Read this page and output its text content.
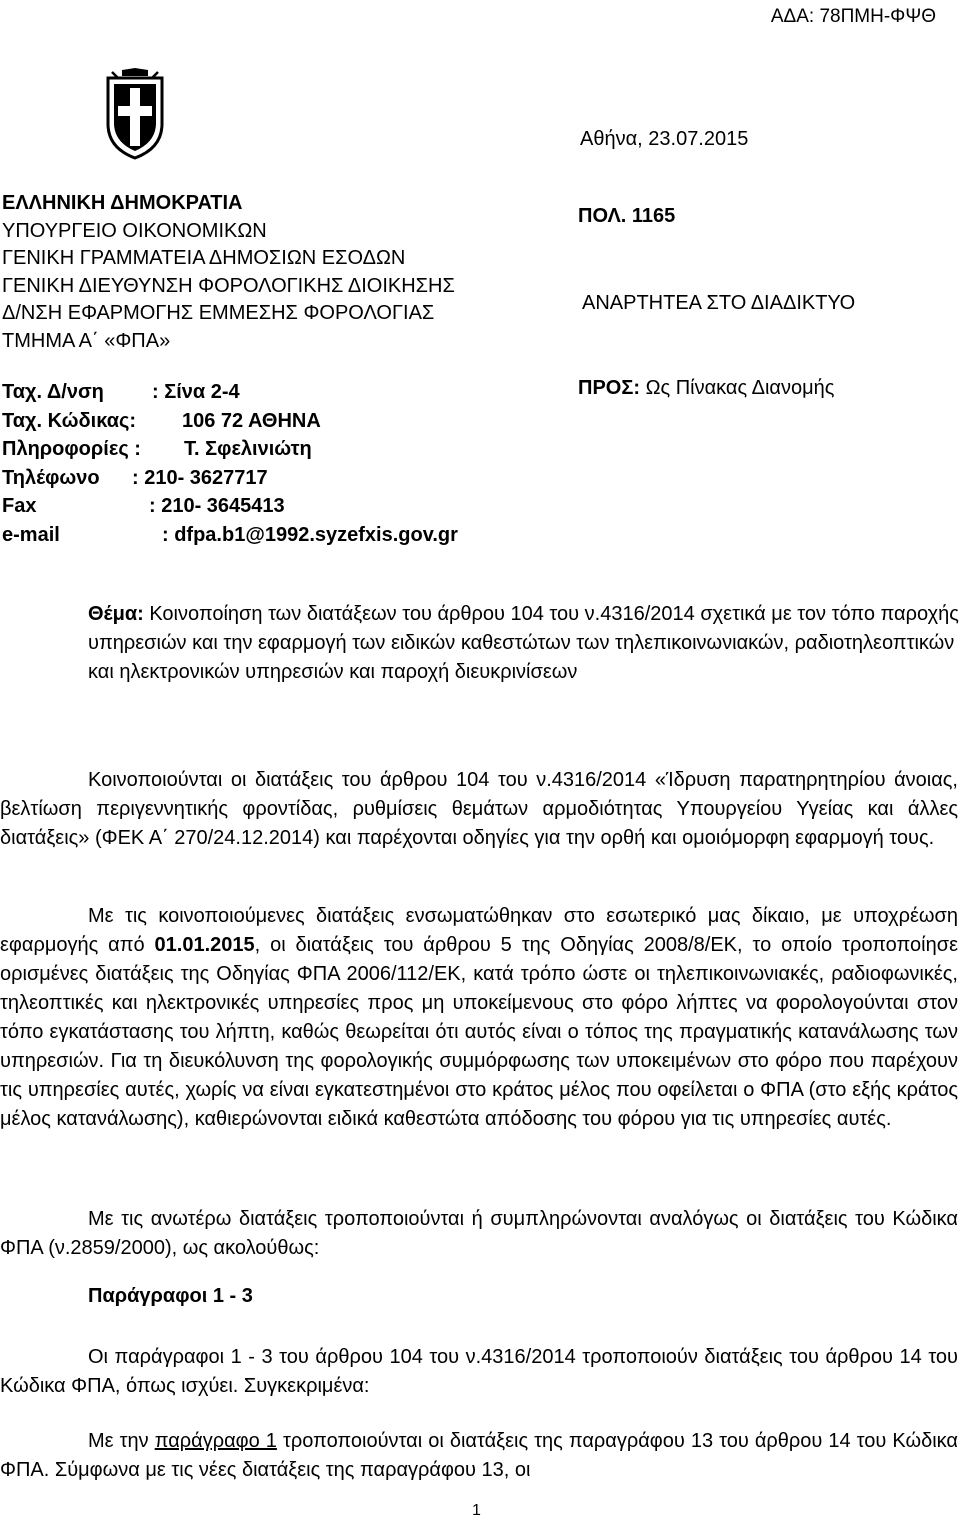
ΑΔΑ: 78ΠΜΗ-ΦΨΘ
ΕΛΛΗΝΙΚΗ ΔΗΜΟΚΡΑΤΙΑ
ΥΠΟΥΡΓΕΙΟ ΟΙΚΟΝΟΜΙΚΩΝ
ΓΕΝΙΚΗ ΓΡΑΜΜΑΤΕΙΑ ΔΗΜΟΣΙΩΝ ΕΣΟΔΩΝ
ΓΕΝΙΚΗ ΔΙΕΥΘΥΝΣΗ ΦΟΡΟΛΟΓΙΚΗΣ ΔΙΟΙΚΗΣΗΣ
Δ/ΝΣΗ ΕΦΑΡΜΟΓΗΣ ΕΜΜΕΣΗΣ ΦΟΡΟΛΟΓΙΑΣ
ΤΜΗΜΑ Α΄ «ΦΠΑ»
Ταχ. Δ/νση	: Σίνα 2-4
Ταχ. Κώδικας:	106 72 ΑΘΗΝΑ
Πληροφορίες :	Τ. Σφελινιώτη
Τηλέφωνο	: 210- 3627717
Fax	: 210- 3645413
e-mail	: dfpa.b1@1992.syzefxis.gov.gr
Αθήνα, 23.07.2015
ΠΟΛ. 1165
ΑΝΑΡΤΗΤΕΑ ΣΤΟ ΔΙΑΔΙΚΤΥΟ
ΠΡΟΣ: Ως Πίνακας Διανομής

Θέμα: Κοινοποίηση των διατάξεων του άρθρου 104 του ν.4316/2014 σχετικά με τον τόπο παροχής υπηρεσιών και την εφαρμογή των ειδικών καθεστώτων των τηλεπικοινωνιακών, ραδιοτηλεοπτικών και ηλεκτρονικών υπηρεσιών και παροχή διευκρινίσεων

Κοινοποιούνται οι διατάξεις του άρθρου 104 του ν.4316/2014 «Ίδρυση παρατηρητηρίου άνοιας, βελτίωση περιγεννητικής φροντίδας, ρυθμίσεις θεμάτων αρμοδιότητας Υπουργείου Υγείας και άλλες διατάξεις» (ΦΕΚ Α΄ 270/24.12.2014) και παρέχονται οδηγίες για την ορθή και ομοιόμορφη εφαρμογή τους.

Με τις κοινοποιούμενες διατάξεις ενσωματώθηκαν στο εσωτερικό μας δίκαιο, με υποχρέωση εφαρμογής από 01.01.2015, οι διατάξεις του άρθρου 5 της Οδηγίας 2008/8/ΕΚ, το οποίο τροποποίησε ορισμένες διατάξεις της Οδηγίας ΦΠΑ 2006/112/ΕΚ, κατά τρόπο ώστε οι τηλεπικοινωνιακές, ραδιοφωνικές, τηλεοπτικές και ηλεκτρονικές υπηρεσίες προς μη υποκείμενους στο φόρο λήπτες να φορολογούνται στον τόπο εγκατάστασης του λήπτη, καθώς θεωρείται ότι αυτός είναι ο τόπος της πραγματικής κατανάλωσης των υπηρεσιών. Για τη διευκόλυνση της φορολογικής συμμόρφωσης των υποκειμένων στο φόρο που παρέχουν τις υπηρεσίες αυτές, χωρίς να είναι εγκατεστημένοι στο κράτος μέλος που οφείλεται ο ΦΠΑ (στο εξής κράτος μέλος κατανάλωσης), καθιερώνονται ειδικά καθεστώτα απόδοσης του φόρου για τις υπηρεσίες αυτές.

Με τις ανωτέρω διατάξεις τροποποιούνται ή συμπληρώνονται αναλόγως οι διατάξεις του Κώδικα ΦΠΑ (ν.2859/2000), ως ακολούθως:

Παράγραφοι 1 - 3

Οι παράγραφοι 1 - 3 του άρθρου 104 του ν.4316/2014 τροποποιούν διατάξεις του άρθρου 14 του Κώδικα ΦΠΑ, όπως ισχύει. Συγκεκριμένα:

Με την παράγραφο 1 τροποποιούνται οι διατάξεις της παραγράφου 13 του άρθρου 14 του Κώδικα ΦΠΑ. Σύμφωνα με τις νέες διατάξεις της παραγράφου 13, οι

1
